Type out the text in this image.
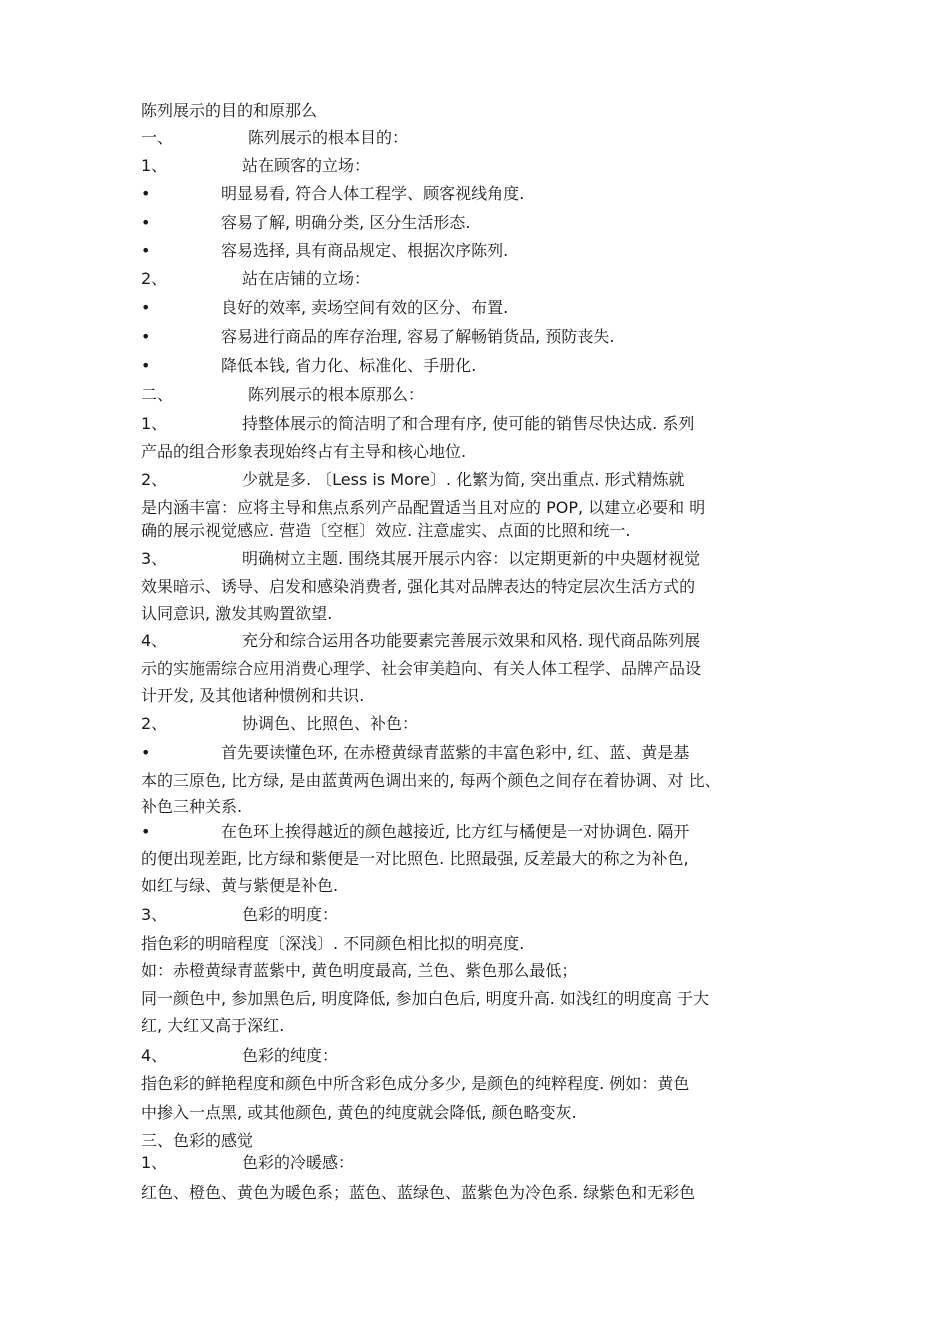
陈列展示的目的和原那么
一、	陈列展示的根本目的：
1、	站在顾客的立场：
•	明显易看, 符合人体工程学、顾客视线角度.
•	容易了解, 明确分类, 区分生活形态.
•	容易选择, 具有商品规定、根据次序陈列.
2、	站在店铺的立场：
•	良好的效率, 卖场空间有效的区分、布置.
•	容易进行商品的库存治理, 容易了解畅销货品, 预防丧失.
•	降低本钱, 省力化、标准化、手册化.
二、	陈列展示的根本原那么：
1、	持整体展示的简洁明了和合理有序, 使可能的销售尽快达成. 系列
产品的组合形象表现始终占有主导和核心地位.
2、	少就是多. 〔Less is More〕. 化繁为简, 突出重点. 形式精炼就
是内涵丰富：应将主导和焦点系列产品配置适当且对应的 POP, 以建立必要和 明
确的展示视觉感应. 营造〔空框〕效应. 注意虚实、点面的比照和统一.
3、	明确树立主题. 围绕其展开展示内容：以定期更新的中央题材视觉
效果暗示、诱导、启发和感染消费者, 强化其对品牌表达的特定层次生活方式的
认同意识, 激发其购置欲望.
4、	充分和综合运用各功能要素完善展示效果和风格. 现代商品陈列展
示的实施需综合应用消费心理学、社会审美趋向、有关人体工程学、品牌产品设
计开发, 及其他诸种惯例和共识.
2、	协调色、比照色、补色：
•	首先要读懂色环, 在赤橙黄绿青蓝紫的丰富色彩中, 红、蓝、黄是基
本的三原色, 比方绿, 是由蓝黄两色调出来的, 每两个颜色之间存在着协调、对 比、
补色三种关系.
•	在色环上挨得越近的颜色越接近, 比方红与橘便是一对协调色. 隔开
的便出现差距, 比方绿和紫便是一对比照色. 比照最强, 反差最大的称之为补色,
如红与绿、黄与紫便是补色.
3、	色彩的明度：
指色彩的明暗程度〔深浅〕. 不同颜色相比拟的明亮度.
如：赤橙黄绿青蓝紫中, 黄色明度最高, 兰色、紫色那么最低；
同一颜色中, 参加黑色后, 明度降低, 参加白色后, 明度升高. 如浅红的明度高 于大
红, 大红又高于深红.
4、	色彩的纯度：
指色彩的鲜艳程度和颜色中所含彩色成分多少, 是颜色的纯粹程度. 例如：黄色
中掺入一点黑, 或其他颜色, 黄色的纯度就会降低, 颜色略变灰.
三、色彩的感觉
1、	色彩的冷暖感：
红色、橙色、黄色为暖色系；蓝色、蓝绿色、蓝紫色为冷色系. 绿紫色和无彩色
